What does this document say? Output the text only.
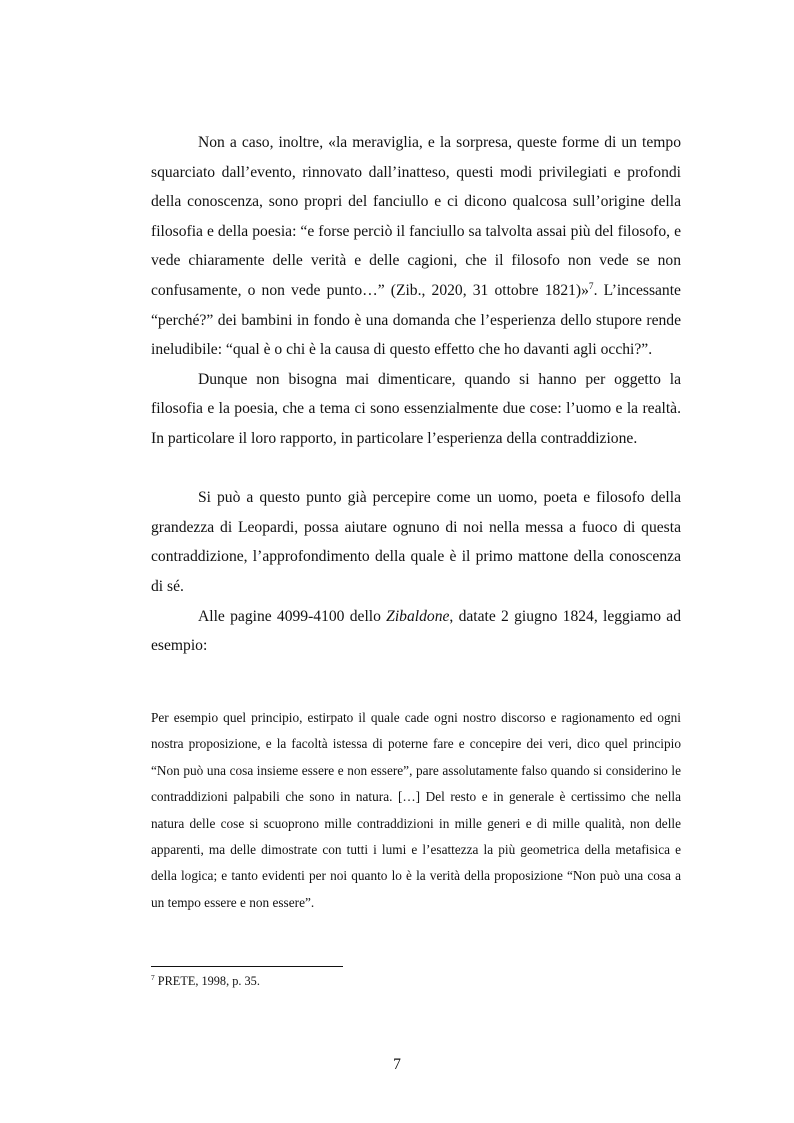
Non a caso, inoltre, «la meraviglia, e la sorpresa, queste forme di un tempo squarciato dall’evento, rinnovato dall’inatteso, questi modi privilegiati e profondi della conoscenza, sono propri del fanciullo e ci dicono qualcosa sull’origine della filosofia e della poesia: “e forse perciò il fanciullo sa talvolta assai più del filosofo, e vede chiaramente delle verità e delle cagioni, che il filosofo non vede se non confusamente, o non vede punto…” (Zib., 2020, 31 ottobre 1821)»$^7$. L’incessante “perché?” dei bambini in fondo è una domanda che l’esperienza dello stupore rende ineludibile: “qual è o chi è la causa di questo effetto che ho davanti agli occhi?”.

Dunque non bisogna mai dimenticare, quando si hanno per oggetto la filosofia e la poesia, che a tema ci sono essenzialmente due cose: l’uomo e la realtà. In particolare il loro rapporto, in particolare l’esperienza della contraddizione.

Si può a questo punto già percepire come un uomo, poeta e filosofo della grandezza di Leopardi, possa aiutare ognuno di noi nella messa a fuoco di questa contraddizione, l’approfondimento della quale è il primo mattone della conoscenza di sé.

Alle pagine 4099-4100 dello Zibaldone, datate 2 giugno 1824, leggiamo ad esempio:

Per esempio quel principio, estirpato il quale cade ogni nostro discorso e ragionamento ed ogni nostra proposizione, e la facoltà istessa di poterne fare e concepire dei veri, dico quel principio “Non può una cosa insieme essere e non essere”, pare assolutamente falso quando si considerino le contraddizioni palpabili che sono in natura. […] Del resto e in generale è certissimo che nella natura delle cose si scuoprono mille contraddizioni in mille generi e di mille qualità, non delle apparenti, ma delle dimostrate con tutti i lumi e l’esattezza la più geometrica della metafisica e della logica; e tanto evidenti per noi quanto lo è la verità della proposizione “Non può una cosa a un tempo essere e non essere”.

$^7$ PRETE, 1998, p. 35.
7
